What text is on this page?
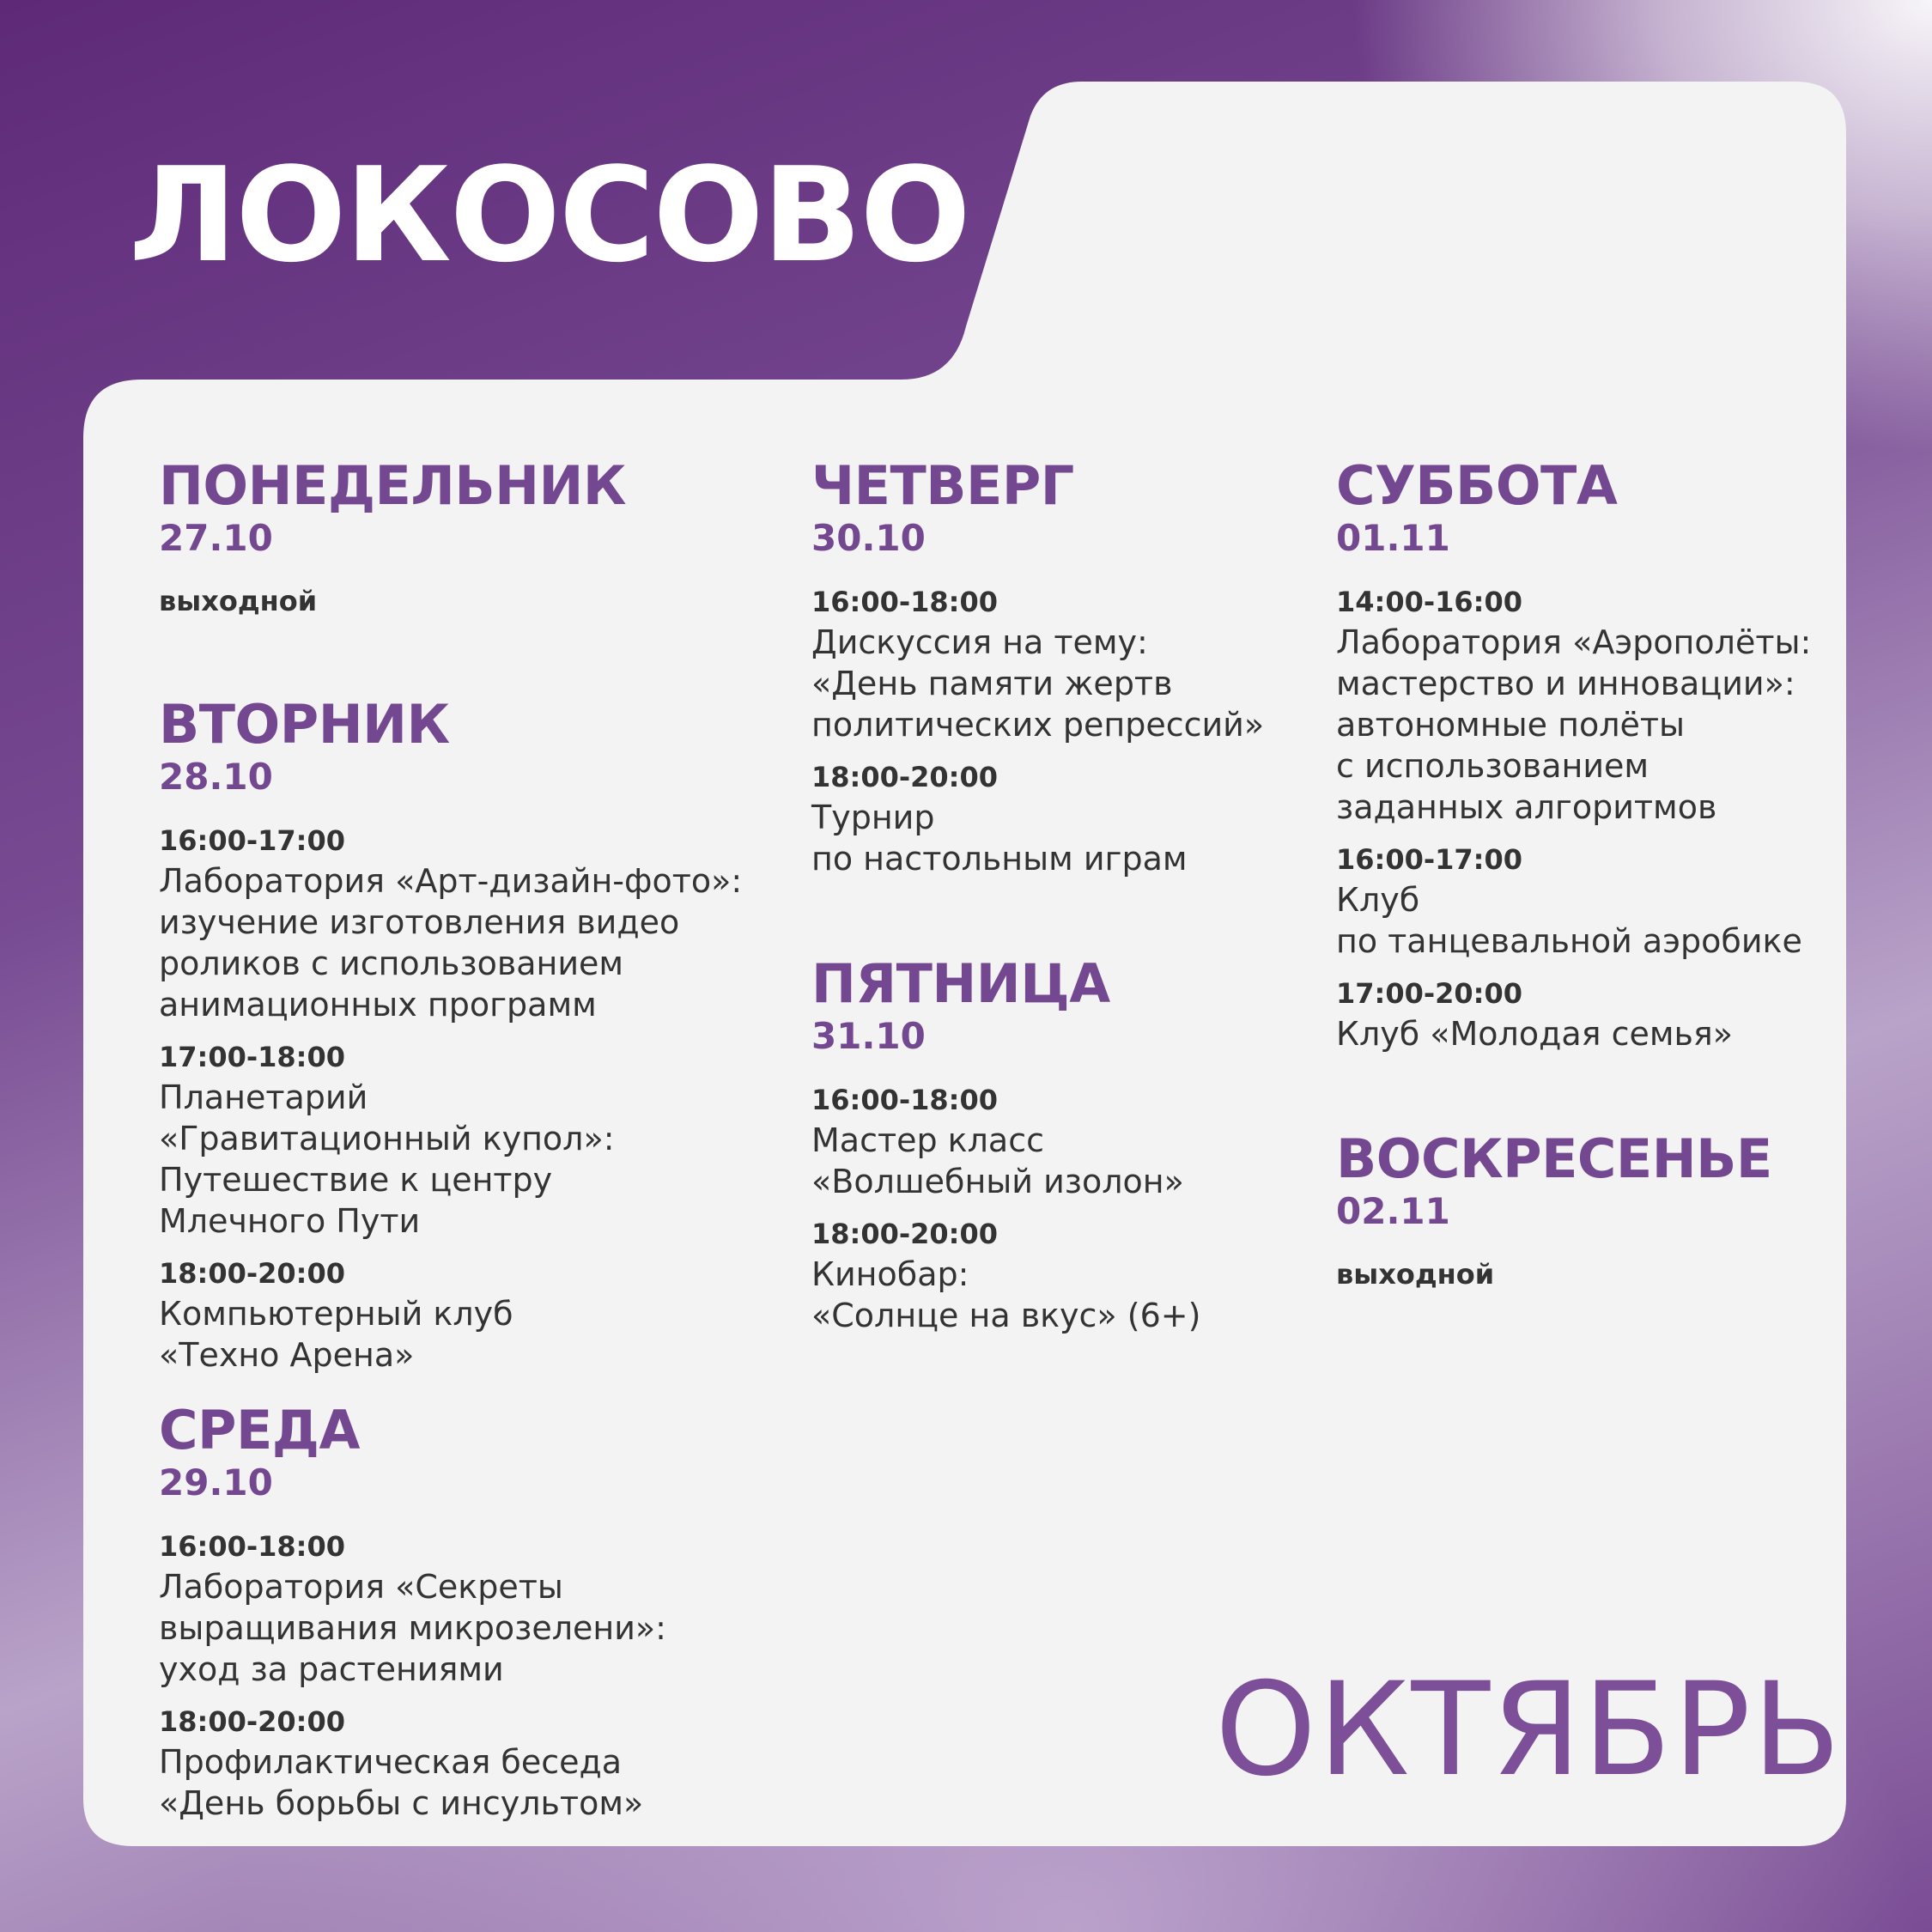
ЛОКОСОВО
ПОНЕДЕЛЬНИК
27.10
выходной
ВТОРНИК
28.10
16:00-17:00
Лаборатория «Арт-дизайн-фото»:
изучение изготовления видео
роликов с использованием
анимационных программ
17:00-18:00
Планетарий
«Гравитационный купол»:
Путешествие к центру
Млечного Пути
18:00-20:00
Компьютерный клуб
«Техно Арена»
СРЕДА
29.10
16:00-18:00
Лаборатория «Секреты
выращивания микрозелени»:
уход за растениями
18:00-20:00
Профилактическая беседа
«День борьбы с инсультом»
ЧЕТВЕРГ
30.10
16:00-18:00
Дискуссия на тему:
«День памяти жертв
политических репрессий»
18:00-20:00
Турнир
по настольным играм
ПЯТНИЦА
31.10
16:00-18:00
Мастер класс
«Волшебный изолон»
18:00-20:00
Кинобар:
«Солнце на вкус» (6+)
СУББОТА
01.11
14:00-16:00
Лаборатория «Аэрополёты:
мастерство и инновации»:
автономные полёты
с использованием
заданных алгоритмов
16:00-17:00
Клуб
по танцевальной аэробике
17:00-20:00
Клуб «Молодая семья»
ВОСКРЕСЕНЬЕ
02.11
выходной
ОКТЯБРЬ
